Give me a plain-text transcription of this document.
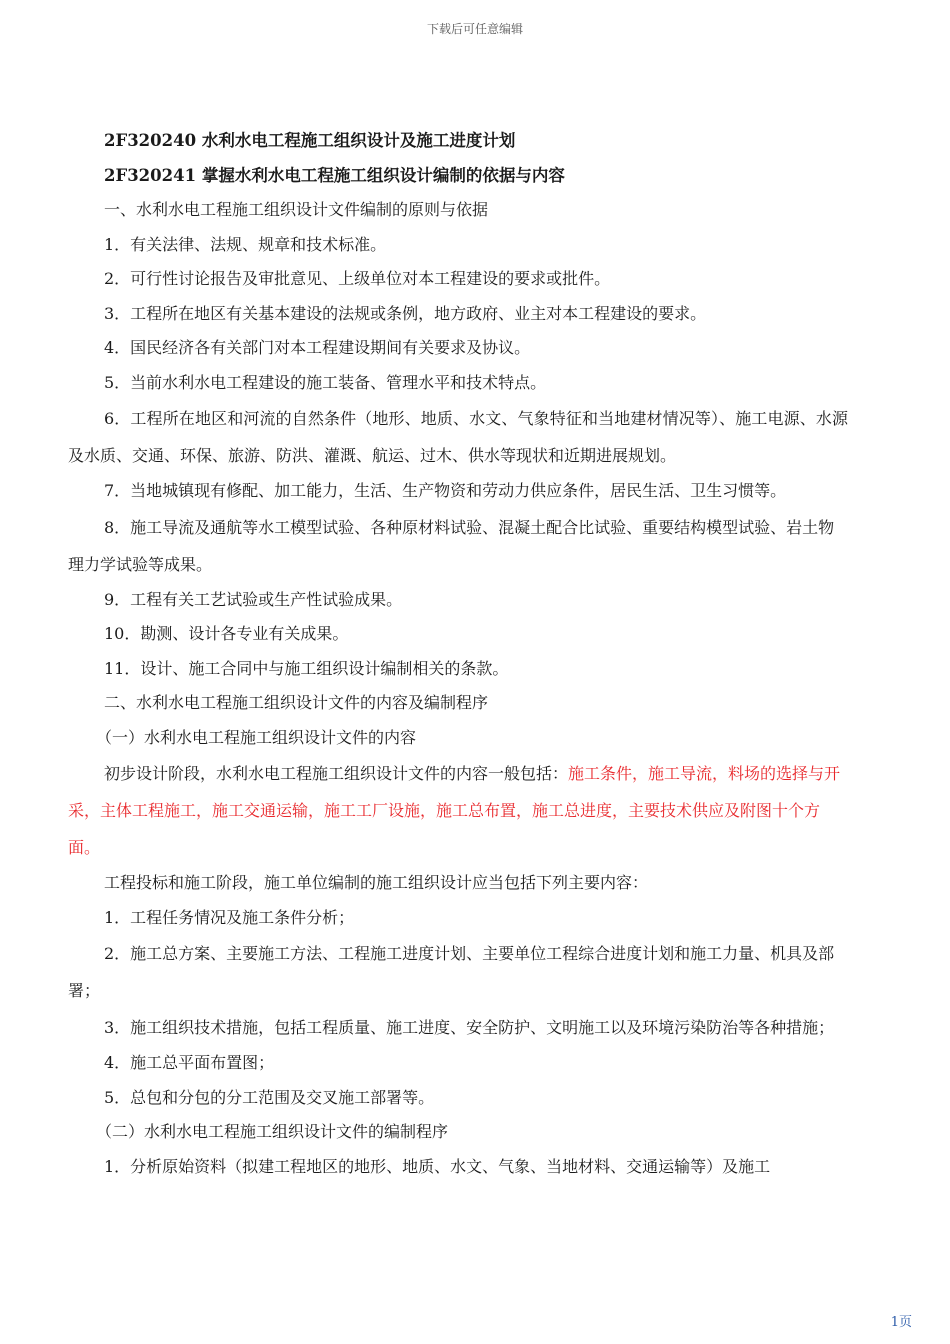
下载后可任意编辑
2F320240 水利水电工程施工组织设计及施工进度计划
2F320241 掌握水利水电工程施工组织设计编制的依据与内容
一、水利水电工程施工组织设计文件编制的原则与依据
1．有关法律、法规、规章和技术标准。
2．可行性讨论报告及审批意见、上级单位对本工程建设的要求或批件。
3．工程所在地区有关基本建设的法规或条例，地方政府、业主对本工程建设的要求。
4．国民经济各有关部门对本工程建设期间有关要求及协议。
5．当前水利水电工程建设的施工装备、管理水平和技术特点。
6．工程所在地区和河流的自然条件（地形、地质、水文、气象特征和当地建材情况等）、施工电源、水源及水质、交通、环保、旅游、防洪、灌溉、航运、过木、供水等现状和近期进展规划。
7．当地城镇现有修配、加工能力，生活、生产物资和劳动力供应条件，居民生活、卫生习惯等。
8．施工导流及通航等水工模型试验、各种原材料试验、混凝土配合比试验、重要结构模型试验、岩土物理力学试验等成果。
9．工程有关工艺试验或生产性试验成果。
10．勘测、设计各专业有关成果。
11．设计、施工合同中与施工组织设计编制相关的条款。
二、水利水电工程施工组织设计文件的内容及编制程序
（一）水利水电工程施工组织设计文件的内容
初步设计阶段，水利水电工程施工组织设计文件的内容一般包括：施工条件，施工导流，料场的选择与开采，主体工程施工，施工交通运输，施工工厂设施，施工总布置，施工总进度，主要技术供应及附图十个方面。
工程投标和施工阶段，施工单位编制的施工组织设计应当包括下列主要内容：
1．工程任务情况及施工条件分析；
2．施工总方案、主要施工方法、工程施工进度计划、主要单位工程综合进度计划和施工力量、机具及部署；
3．施工组织技术措施，包括工程质量、施工进度、安全防护、文明施工以及环境污染防治等各种措施；
4．施工总平面布置图；
5．总包和分包的分工范围及交叉施工部署等。
（二）水利水电工程施工组织设计文件的编制程序
1．分析原始资料（拟建工程地区的地形、地质、水文、气象、当地材料、交通运输等）及施工
1页
